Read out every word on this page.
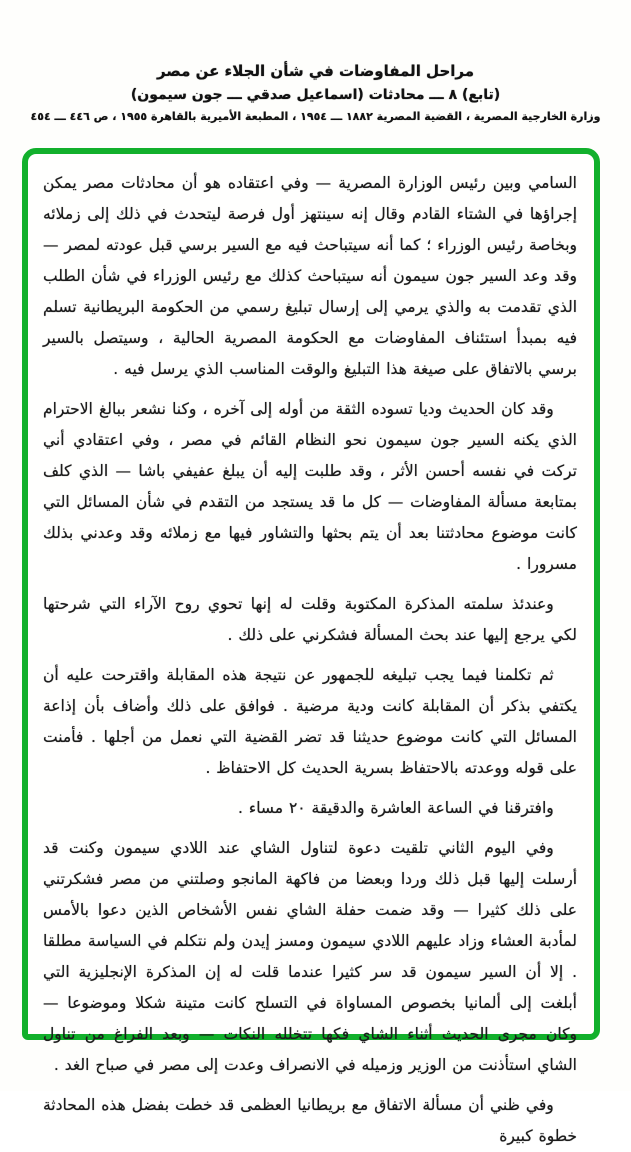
مراحل المفاوضات في شأن الجلاء عن مصر
(تابع) ٨ ـــ محادثات (اسماعيل صدقي ـــ جون سيمون)
وزارة الخارجية المصرية ، القضية المصرية ١٨٨٢ ـــ ١٩٥٤ ، المطبعة الأميرية بالقاهرة ١٩٥٥ ، ص ٤٤٦ ـــ ٤٥٤

السامي وبين رئيس الوزارة المصرية — وفي اعتقاده هو أن محادثات مصر يمكن إجراؤها في الشتاء القادم وقال إنه سينتهز أول فرصة ليتحدث في ذلك إلى زملائه وبخاصة رئيس الوزراء ؛ كما أنه سيتباحث فيه مع السير برسي قبل عودته لمصر — وقد وعد السير جون سيمون أنه سيتباحث كذلك مع رئيس الوزراء في شأن الطلب الذي تقدمت به والذي يرمي إلى إرسال تبليغ رسمي من الحكومة البريطانية تسلم فيه بمبدأ استئناف المفاوضات مع الحكومة المصرية الحالية ، وسيتصل بالسير برسي بالاتفاق على صيغة هذا التبليغ والوقت المناسب الذي يرسل فيه .

وقد كان الحديث وديا تسوده الثقة من أوله إلى آخره ، وكنا نشعر ببالغ الاحترام الذي يكنه السير جون سيمون نحو النظام القائم في مصر ، وفي اعتقادي أني تركت في نفسه أحسن الأثر ، وقد طلبت إليه أن يبلغ عفيفي باشا — الذي كلف بمتابعة مسألة المفاوضات — كل ما قد يستجد من التقدم في شأن المسائل التي كانت موضوع محادثتنا بعد أن يتم بحثها والتشاور فيها مع زملائه وقد وعدني بذلك مسرورا .

وعندئذ سلمته المذكرة المكتوبة وقلت له إنها تحوي روح الآراء التي شرحتها لكي يرجع إليها عند بحث المسألة فشكرني على ذلك .

ثم تكلمنا فيما يجب تبليغه للجمهور عن نتيجة هذه المقابلة واقترحت عليه أن يكتفي بذكر أن المقابلة كانت ودية مرضية . فوافق على ذلك وأضاف بأن إذاعة المسائل التي كانت موضوع حديثنا قد تضر القضية التي نعمل من أجلها . فأمنت على قوله ووعدته بالاحتفاظ بسرية الحديث كل الاحتفاظ .

وافترقنا في الساعة العاشرة والدقيقة ٢٠ مساء .

وفي اليوم الثاني تلقيت دعوة لتناول الشاي عند اللادي سيمون وكنت قد أرسلت إليها قبل ذلك وردا وبعضا من فاكهة المانجو وصلتني من مصر فشكرتني على ذلك كثيرا — وقد ضمت حفلة الشاي نفس الأشخاص الذين دعوا بالأمس لمأدبة العشاء وزاد عليهم اللادي سيمون ومسز إيدن ولم نتكلم في السياسة مطلقا . إلا أن السير سيمون قد سر كثيرا عندما قلت له إن المذكرة الإنجليزية التي أبلغت إلى ألمانيا بخصوص المساواة في التسلح كانت متينة شكلا وموضوعا — وكان مجرى الحديث أثناء الشاي فكها تتخلله النكات — وبعد الفراغ من تناول الشاي استأذنت من الوزير وزميله في الانصراف وعدت إلى مصر في صباح الغد .

وفي ظني أن مسألة الاتفاق مع بريطانيا العظمى قد خطت بفضل هذه المحادثة خطوة كبيرة
